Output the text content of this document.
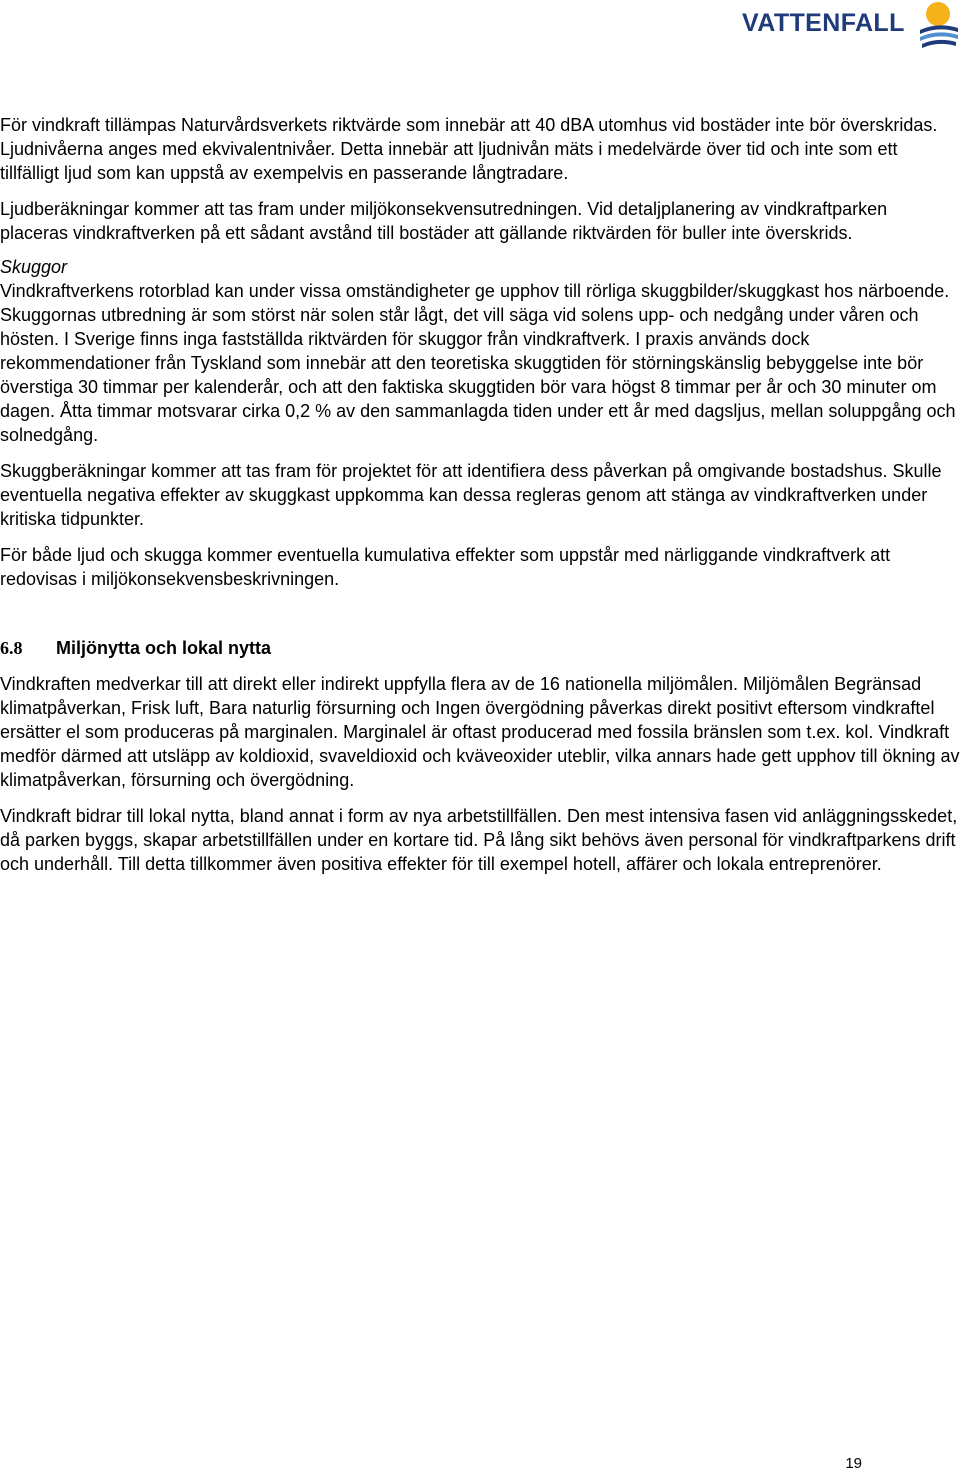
VATTENFALL

För vindkraft tillämpas Naturvårdsverkets riktvärde som innebär att 40 dBA utomhus vid bostäder inte bör överskridas. Ljudnivåerna anges med ekvivalentnivåer. Detta innebär att ljudnivån mäts i medelvärde över tid och inte som ett tillfälligt ljud som kan uppstå av exempelvis en passerande långtradare.

Ljudberäkningar kommer att tas fram under miljökonsekvensutredningen. Vid detaljplanering av vindkraftparken placeras vindkraftverken på ett sådant avstånd till bostäder att gällande riktvärden för buller inte överskrids.

Skuggor

Vindkraftverkens rotorblad kan under vissa omständigheter ge upphov till rörliga skuggbilder/skuggkast hos närboende. Skuggornas utbredning är som störst när solen står lågt, det vill säga vid solens upp- och nedgång under våren och hösten. I Sverige finns inga fastställda riktvärden för skuggor från vindkraftverk. I praxis används dock rekommendationer från Tyskland som innebär att den teoretiska skuggtiden för störningskänslig bebyggelse inte bör överstiga 30 timmar per kalenderår, och att den faktiska skuggtiden bör vara högst 8 timmar per år och 30 minuter om dagen. Åtta timmar motsvarar cirka 0,2 % av den sammanlagda tiden under ett år med dagsljus, mellan soluppgång och solnedgång.

Skuggberäkningar kommer att tas fram för projektet för att identifiera dess påverkan på omgivande bostadshus. Skulle eventuella negativa effekter av skuggkast uppkomma kan dessa regleras genom att stänga av vindkraftverken under kritiska tidpunkter.

För både ljud och skugga kommer eventuella kumulativa effekter som uppstår med närliggande vindkraftverk att redovisas i miljökonsekvensbeskrivningen.

6.8	Miljönytta och lokal nytta

Vindkraften medverkar till att direkt eller indirekt uppfylla flera av de 16 nationella miljömålen. Miljömålen Begränsad klimatpåverkan, Frisk luft, Bara naturlig försurning och Ingen övergödning påverkas direkt positivt eftersom vindkraftel ersätter el som produceras på marginalen. Marginalel är oftast producerad med fossila bränslen som t.ex. kol. Vindkraft medför därmed att utsläpp av koldioxid, svaveldioxid och kväveoxider uteblir, vilka annars hade gett upphov till ökning av klimatpåverkan, försurning och övergödning.

Vindkraft bidrar till lokal nytta, bland annat i form av nya arbetstillfällen. Den mest intensiva fasen vid anläggningsskedet, då parken byggs, skapar arbetstillfällen under en kortare tid. På lång sikt behövs även personal för vindkraftparkens drift och underhåll. Till detta tillkommer även positiva effekter för till exempel hotell, affärer och lokala entreprenörer.

19
